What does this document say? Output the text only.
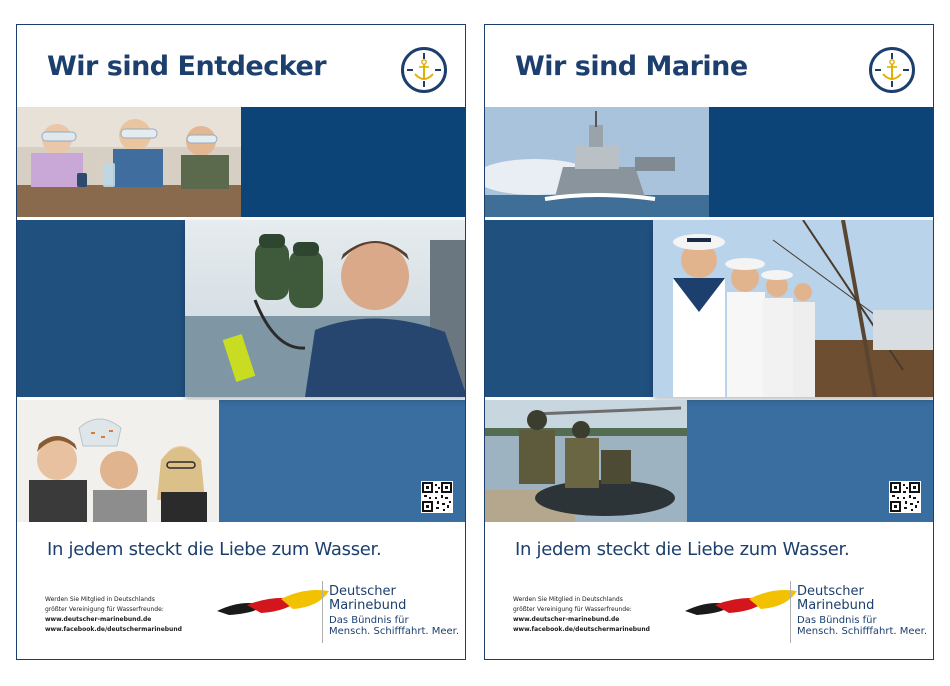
Wir sind Entdecker
In jedem steckt die Liebe zum Wasser.
Werden Sie Mitglied in Deutschlands
größter Vereinigung für Wasserfreunde:
www.deutscher-marinebund.de
www.facebook.de/deutschermarinebund
Deutscher
Marinebund
Das Bündnis für
Mensch. Schifffahrt. Meer.
Wir sind Marine
In jedem steckt die Liebe zum Wasser.
Werden Sie Mitglied in Deutschlands
größter Vereinigung für Wasserfreunde:
www.deutscher-marinebund.de
www.facebook.de/deutschermarinebund
Deutscher
Marinebund
Das Bündnis für
Mensch. Schifffahrt. Meer.
